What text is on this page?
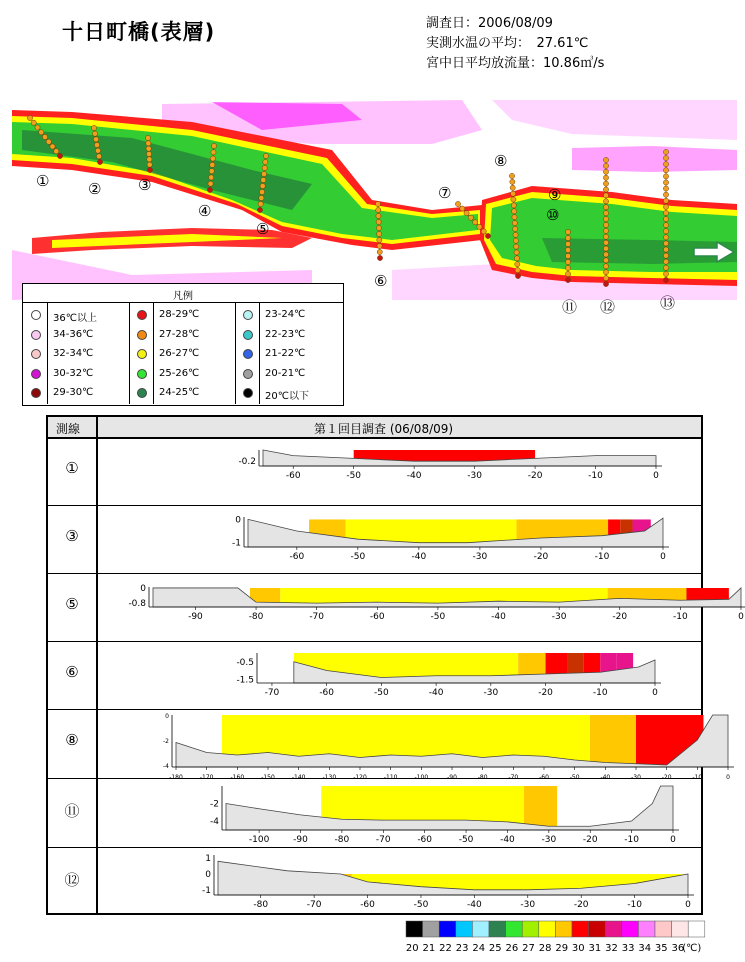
十日町橋(表層)	調査日：2006/08/09
実測水温の平均：　27.61℃
宮中日平均放流量：10.86㎥/s
①	② ③
④
⑤
⑥
⑦
⑧
⑨
⑩
⑪ ⑫	⑬
凡例
36℃以上	28-29℃	23-24℃
34-36℃	27-28℃	22-23℃
32-34℃	26-27℃	21-22℃
30-32℃	25-26℃	20-21℃
29-30℃	24-25℃	20℃以下
測線	第１回目調査 (06/08/09)
①	-60	-50	-40	-30	-20	-10	0
-0.2
③
-60	-50	-40	-30	-20	-10	0
0
-1
⑤
-90	-80	-70	-60	-50	-40	-30	-20	-10	0
0
-0.8
⑥
-70	-60	-50	-40	-30	-20	-10	0
-0.5
-1.5
⑧
-180	-170	-160	-150	-140	-130	-120	-110	-100	-90	-80	-70	-60	-50	-40	-30	-20	-10	0
0
-2
-4
⑪
-100	-90	-80	-70	-60	-50	-40	-30	-20	-10	0
-2
-4
⑫
-80	-70	-60	-50	-40	-30	-20	-10	0
1
0
-1
20 21 22 23 24 25 26 27 28 29 30 31 32 33 34 35 36
(℃)
